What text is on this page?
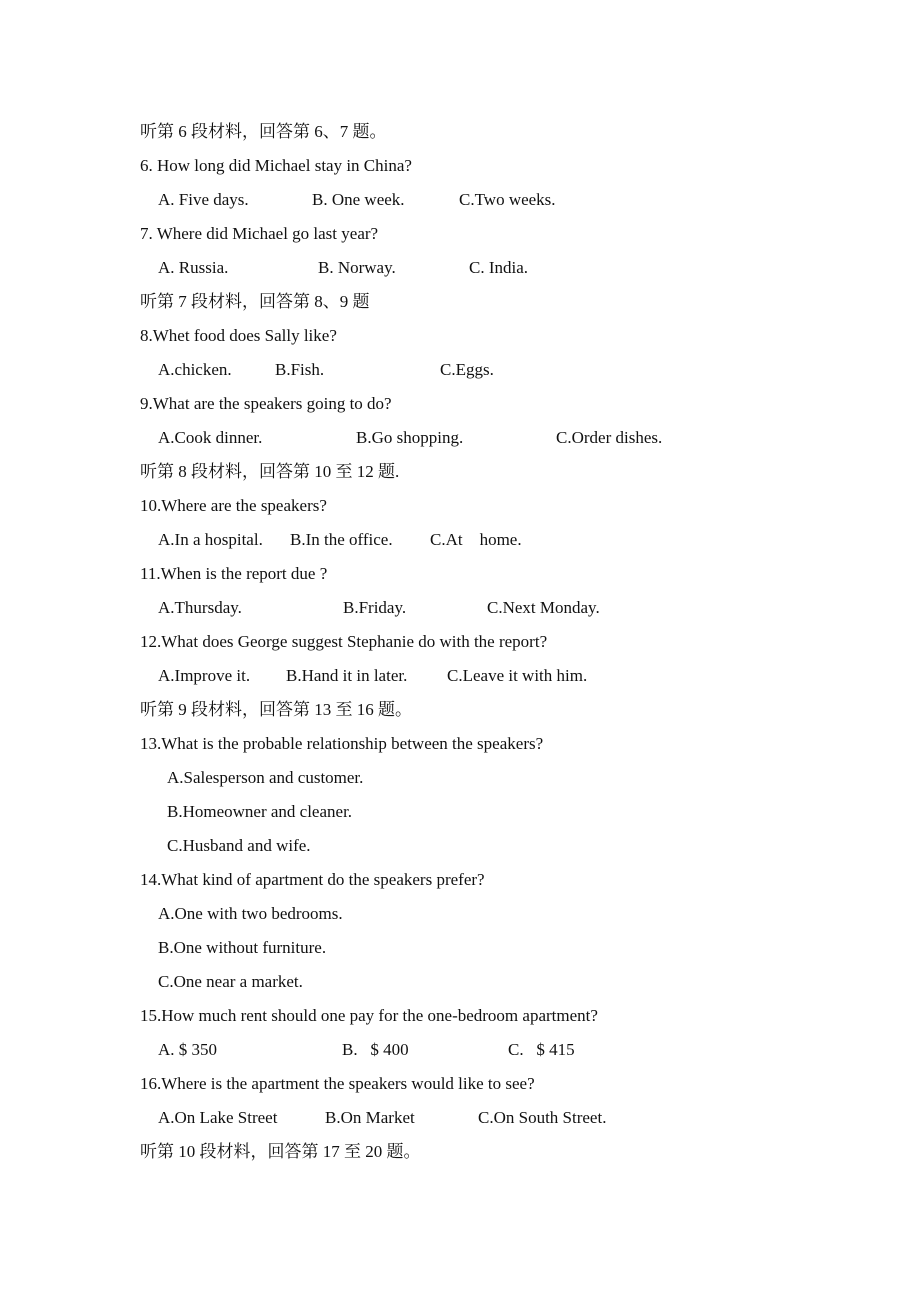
听第 6 段材料，回答第 6、7 题。
6. How long did Michael stay in China?
A. Five days.	B. One week.	C.Two weeks.
7. Where did Michael go last year?
A. Russia.	B. Norway.	C. India.
听第 7 段材料，回答第 8、9 题
8.Whet food does Sally like?
A.chicken.	B.Fish.	C.Eggs.
9.What are the speakers going to do?
A.Cook dinner.	B.Go shopping.	C.Order dishes.
听第 8 段材料，回答第 10 至 12 题.
10.Where are the speakers?
A.In a hospital. B.In the office. C.At    home.
11.When is the report due ?
A.Thursday.	B.Friday.	C.Next Monday.
12.What does George suggest Stephanie do with the report?
A.Improve it. B.Hand it in later. C.Leave it with him.
听第 9 段材料，回答第 13 至 16 题。
13.What is the probable relationship between the speakers?
A.Salesperson and customer.
B.Homeowner and cleaner.
C.Husband and wife.
14.What kind of apartment do the speakers prefer?
A.One with two bedrooms.
B.One without furniture.
C.One near a market.
15.How much rent should one pay for the one-bedroom apartment?
A. $ 350	B.   $ 400	C.   $ 415
16.Where is the apartment the speakers would like to see?
A.On Lake Street	B.On Market	C.On South Street.
听第 10 段材料，回答第 17 至 20 题。
